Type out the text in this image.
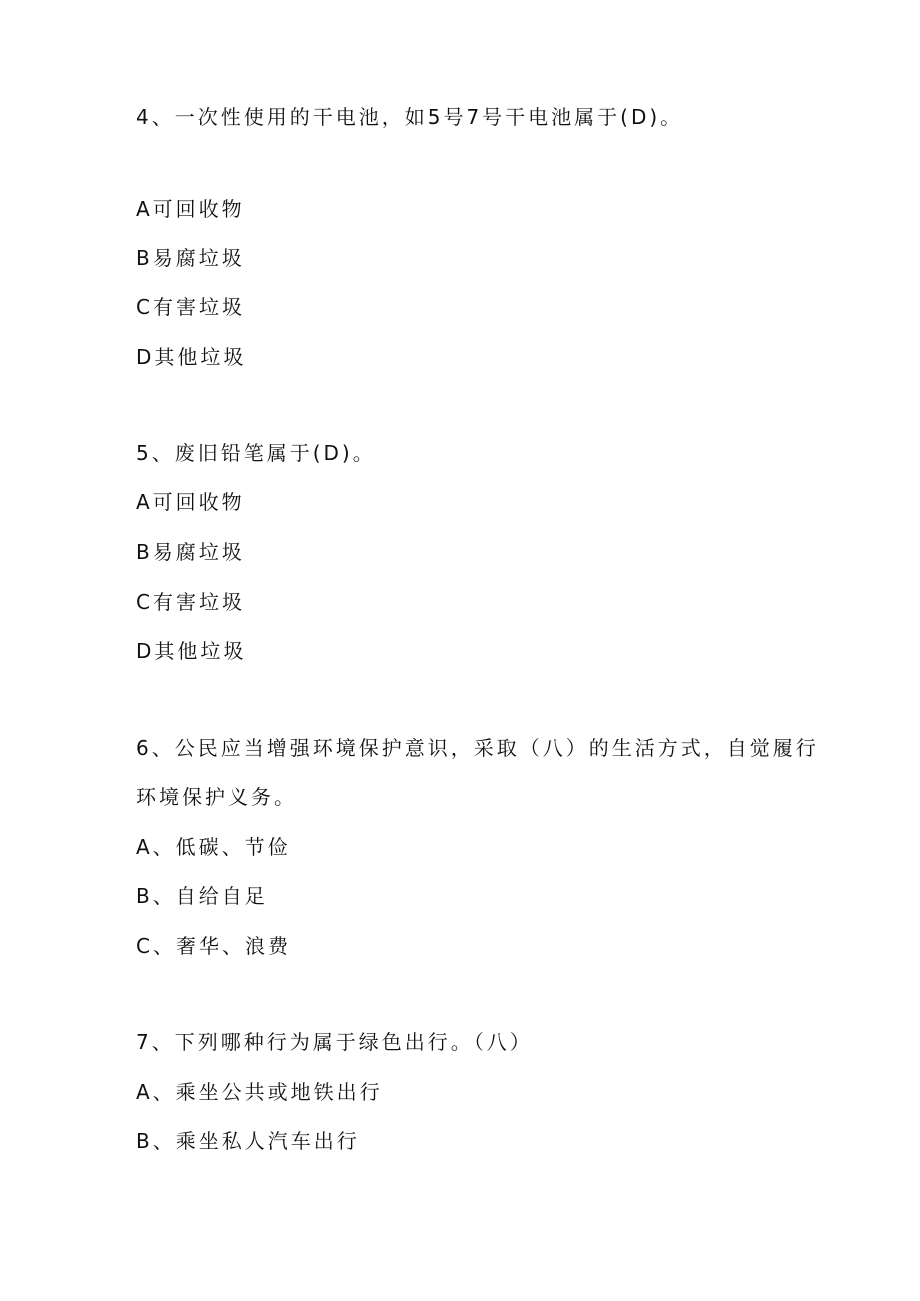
4、一次性使用的干电池，如5号7号干电池属于(D)。
A可回收物
B易腐垃圾
C有害垃圾
D其他垃圾
5、废旧铅笔属于(D)。
A可回收物
B易腐垃圾
C有害垃圾
D其他垃圾
6、公民应当增强环境保护意识，采取（八）的生活方式，自觉履行
环境保护义务。
A、低碳、节俭
B、自给自足
C、奢华、浪费
7、下列哪种行为属于绿色出行。（八）
A、乘坐公共或地铁出行
B、乘坐私人汽车出行
